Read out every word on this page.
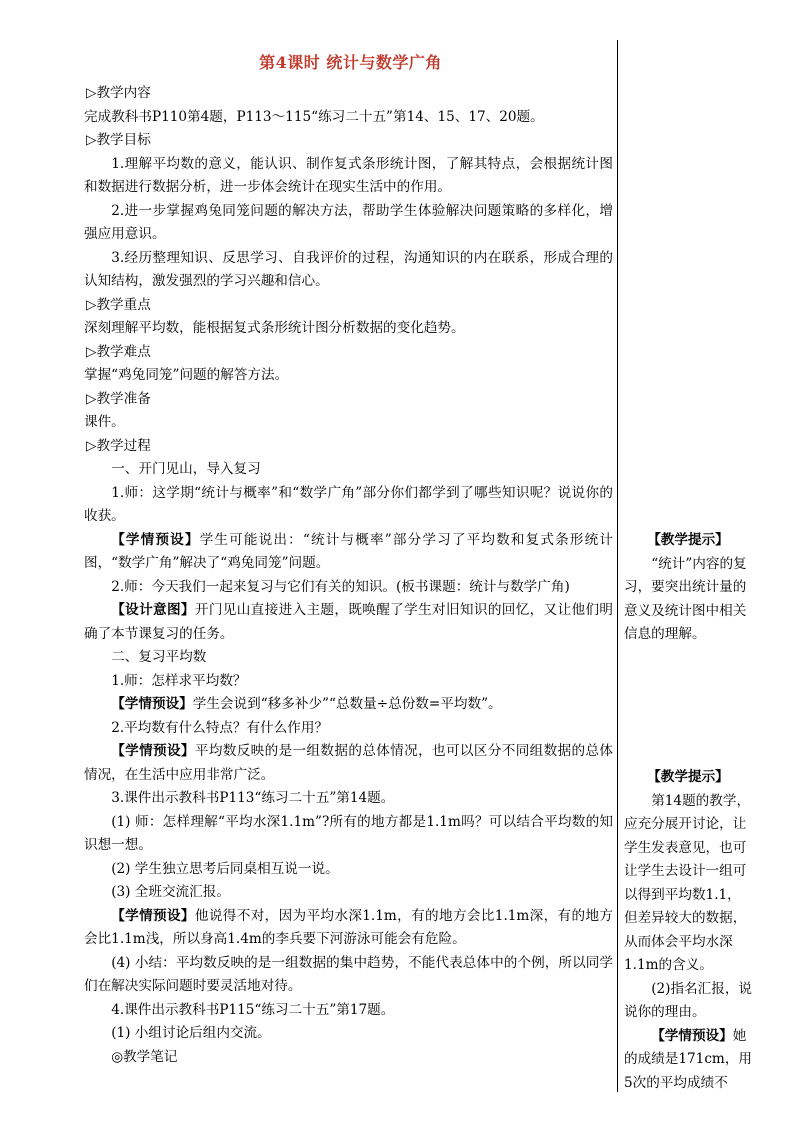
第4课时 统计与数学广角

▷教学内容

完成教科书P110第4题，P113～115“练习二十五”第14、15、17、20题。

▷教学目标

1.理解平均数的意义，能认识、制作复式条形统计图，了解其特点，会根据统计图和数据进行数据分析，进一步体会统计在现实生活中的作用。

2.进一步掌握鸡兔同笼问题的解决方法，帮助学生体验解决问题策略的多样化，增强应用意识。

3.经历整理知识、反思学习、自我评价的过程，沟通知识的内在联系，形成合理的认知结构，激发强烈的学习兴趣和信心。

▷教学重点

深刻理解平均数，能根据复式条形统计图分析数据的变化趋势。

▷教学难点

掌握“鸡兔同笼”问题的解答方法。

▷教学准备

课件。

▷教学过程

一、开门见山，导入复习

1.师：这学期“统计与概率”和“数学广角”部分你们都学到了哪些知识呢？说说你的收获。

【学情预设】学生可能说出：“统计与概率”部分学习了平均数和复式条形统计图，“数学广角”解决了“鸡兔同笼”问题。

2.师：今天我们一起来复习与它们有关的知识。(板书课题：统计与数学广角)

【设计意图】开门见山直接进入主题，既唤醒了学生对旧知识的回忆，又让他们明确了本节课复习的任务。

二、复习平均数

1.师：怎样求平均数？

【学情预设】学生会说到“移多补少”“总数量÷总份数=平均数”。

2.平均数有什么特点？有什么作用？

【学情预设】平均数反映的是一组数据的总体情况，也可以区分不同组数据的总体情况，在生活中应用非常广泛。

3.课件出示教科书P113“练习二十五”第14题。

(1) 师：怎样理解“平均水深1.1m”?所有的地方都是1.1m吗？可以结合平均数的知识想一想。

(2) 学生独立思考后同桌相互说一说。

(3) 全班交流汇报。

【学情预设】他说得不对，因为平均水深1.1m，有的地方会比1.1m深，有的地方会比1.1m浅，所以身高1.4m的李兵要下河游泳可能会有危险。

(4) 小结：平均数反映的是一组数据的集中趋势，不能代表总体中的个例，所以同学们在解决实际问题时要灵活地对待。

4.课件出示教科书P115“练习二十五”第17题。

(1) 小组讨论后组内交流。

◎教学笔记

【教学提示】

“统计”内容的复习，要突出统计量的意义及统计图中相关信息的理解。

【教学提示】

第14题的教学，应充分展开讨论，让学生发表意见，也可让学生去设计一组可以得到平均数1.1，但差异较大的数据，从而体会平均水深1.1m的含义。

(2)指名汇报，说说你的理由。

【学情预设】她的成绩是171cm，用5次的平均成绩不
